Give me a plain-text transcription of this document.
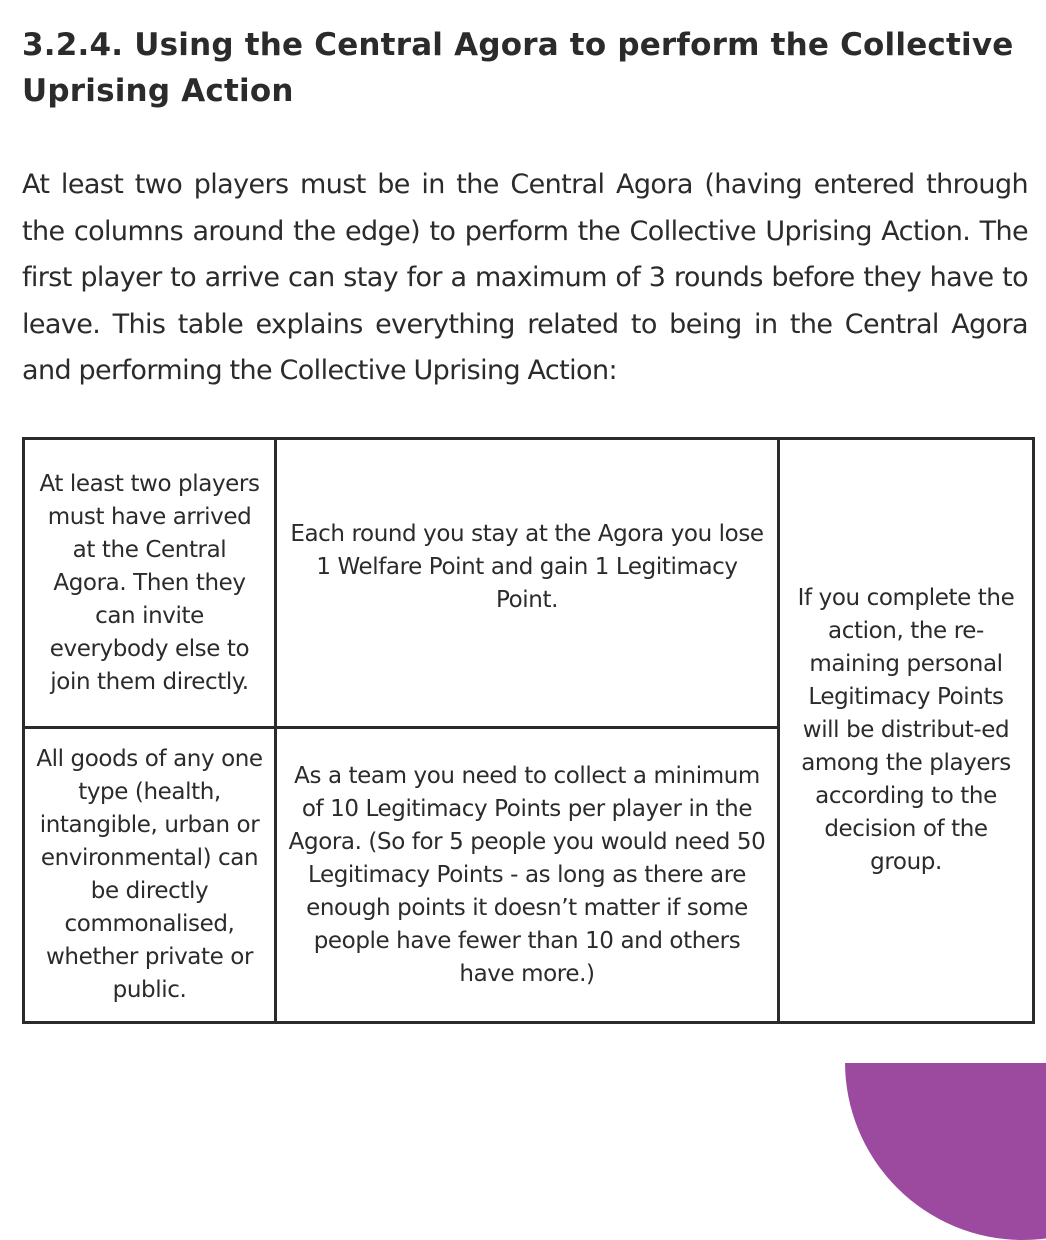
3.2.4. Using the Central Agora to perform the Collective Uprising Action

At least two players must be in the Central Agora (having entered through the columns around the edge) to perform the Collective Uprising Action. The first player to arrive can stay for a maximum of 3 rounds before they have to leave. This table explains everything related to being in the Central Agora and performing the Collective Uprising Action:

At least two players must have arrived at the Central Agora. Then they can invite everybody else to join them directly.	Each round you stay at the Agora you lose 1 Welfare Point and gain 1 Legitimacy Point.	If you complete the action, the re-maining personal Legitimacy Points will be distribut-ed among the players according to the decision of the group.
All goods of any one type (health, intangible, urban or environmental) can be directly commonalised, whether private or public.	As a team you need to collect a minimum of 10 Legitimacy Points per player in the Agora. (So for 5 people you would need 50 Legitimacy Points - as long as there are enough points it doesn’t matter if some people have fewer than 10 and others have more.)	
